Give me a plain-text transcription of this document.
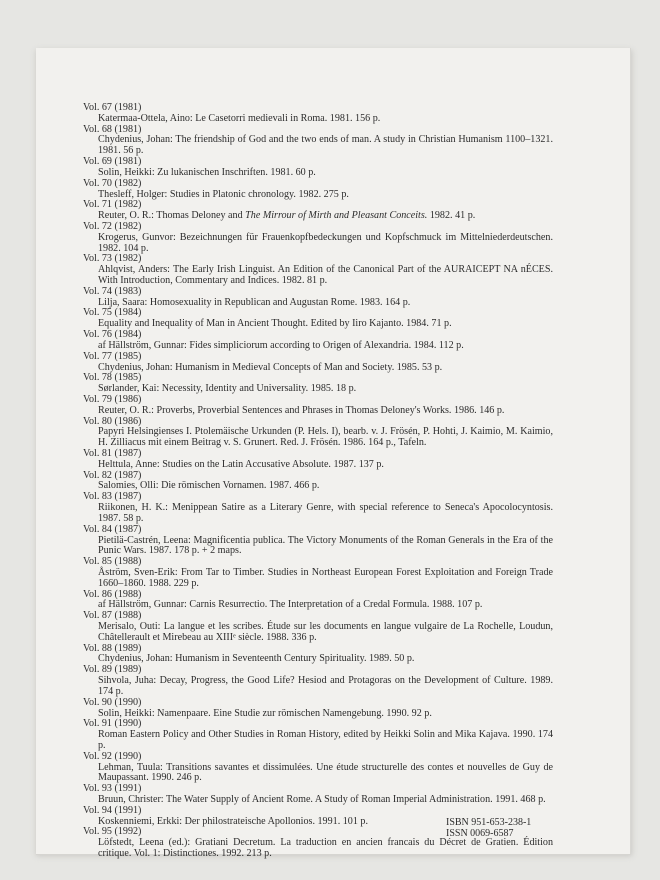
Vol. 67 (1981)
Katermaa-Ottela, Aino: Le Casetorri medievali in Roma. 1981. 156 p.
Vol. 68 (1981)
Chydenius, Johan: The friendship of God and the two ends of man. A study in Christian Humanism 1100–1321. 1981. 56 p.
Vol. 69 (1981)
Solin, Heikki: Zu lukanischen Inschriften. 1981. 60 p.
Vol. 70 (1982)
Thesleff, Holger: Studies in Platonic chronology. 1982. 275 p.
Vol. 71 (1982)
Reuter, O. R.: Thomas Deloney and The Mirrour of Mirth and Pleasant Conceits. 1982. 41 p.
Vol. 72 (1982)
Krogerus, Gunvor: Bezeichnungen für Frauenkopfbedeckungen und Kopfschmuck im Mittelniederdeutschen. 1982. 104 p.
Vol. 73 (1982)
Ahlqvist, Anders: The Early Irish Linguist. An Edition of the Canonical Part of the AURAICEPT NA nÉCES. With Introduction, Commentary and Indices. 1982. 81 p.
Vol. 74 (1983)
Lilja, Saara: Homosexuality in Republican and Augustan Rome. 1983. 164 p.
Vol. 75 (1984)
Equality and Inequality of Man in Ancient Thought. Edited by Iiro Kajanto. 1984. 71 p.
Vol. 76 (1984)
af Hällström, Gunnar: Fides simpliciorum according to Origen of Alexandria. 1984. 112 p.
Vol. 77 (1985)
Chydenius, Johan: Humanism in Medieval Concepts of Man and Society. 1985. 53 p.
Vol. 78 (1985)
Sørlander, Kai: Necessity, Identity and Universality. 1985. 18 p.
Vol. 79 (1986)
Reuter, O. R.: Proverbs, Proverbial Sentences and Phrases in Thomas Deloney's Works. 1986. 146 p.
Vol. 80 (1986)
Papyri Helsingienses I. Ptolemäische Urkunden (P. Hels. I), bearb. v. J. Frösén, P. Hohti, J. Kaimio, M. Kaimio, H. Zilliacus mit einem Beitrag v. S. Grunert. Red. J. Frösén. 1986. 164 p., Tafeln.
Vol. 81 (1987)
Helttula, Anne: Studies on the Latin Accusative Absolute. 1987. 137 p.
Vol. 82 (1987)
Salomies, Olli: Die römischen Vornamen. 1987. 466 p.
Vol. 83 (1987)
Riikonen, H. K.: Menippean Satire as a Literary Genre, with special reference to Seneca's Apocolocyntosis. 1987. 58 p.
Vol. 84 (1987)
Pietilä-Castrén, Leena: Magnificentia publica. The Victory Monuments of the Roman Generals in the Era of the Punic Wars. 1987. 178 p. + 2 maps.
Vol. 85 (1988)
Åström, Sven-Erik: From Tar to Timber. Studies in Northeast European Forest Exploitation and Foreign Trade 1660–1860. 1988. 229 p.
Vol. 86 (1988)
af Hällström, Gunnar: Carnis Resurrectio. The Interpretation of a Credal Formula. 1988. 107 p.
Vol. 87 (1988)
Merisalo, Outi: La langue et les scribes. Étude sur les documents en langue vulgaire de La Rochelle, Loudun, Châtellerault et Mirebeau au XIIIᵉ siècle. 1988. 336 p.
Vol. 88 (1989)
Chydenius, Johan: Humanism in Seventeenth Century Spirituality. 1989. 50 p.
Vol. 89 (1989)
Sihvola, Juha: Decay, Progress, the Good Life? Hesiod and Protagoras on the Development of Culture. 1989. 174 p.
Vol. 90 (1990)
Solin, Heikki: Namenpaare. Eine Studie zur römischen Namengebung. 1990. 92 p.
Vol. 91 (1990)
Roman Eastern Policy and Other Studies in Roman History, edited by Heikki Solin and Mika Kajava. 1990. 174 p.
Vol. 92 (1990)
Lehman, Tuula: Transitions savantes et dissimulées. Une étude structurelle des contes et nouvelles de Guy de Maupassant. 1990. 246 p.
Vol. 93 (1991)
Bruun, Christer: The Water Supply of Ancient Rome. A Study of Roman Imperial Administration. 1991. 468 p.
Vol. 94 (1991)
Koskenniemi, Erkki: Der philostrateische Apollonios. 1991. 101 p.
Vol. 95 (1992)
Löfstedt, Leena (ed.): Gratiani Decretum. La traduction en ancien francais du Décret de Gratien. Édition critique. Vol. 1: Distinctiones. 1992. 213 p.
ISBN 951-653-238-1
ISSN 0069-6587
